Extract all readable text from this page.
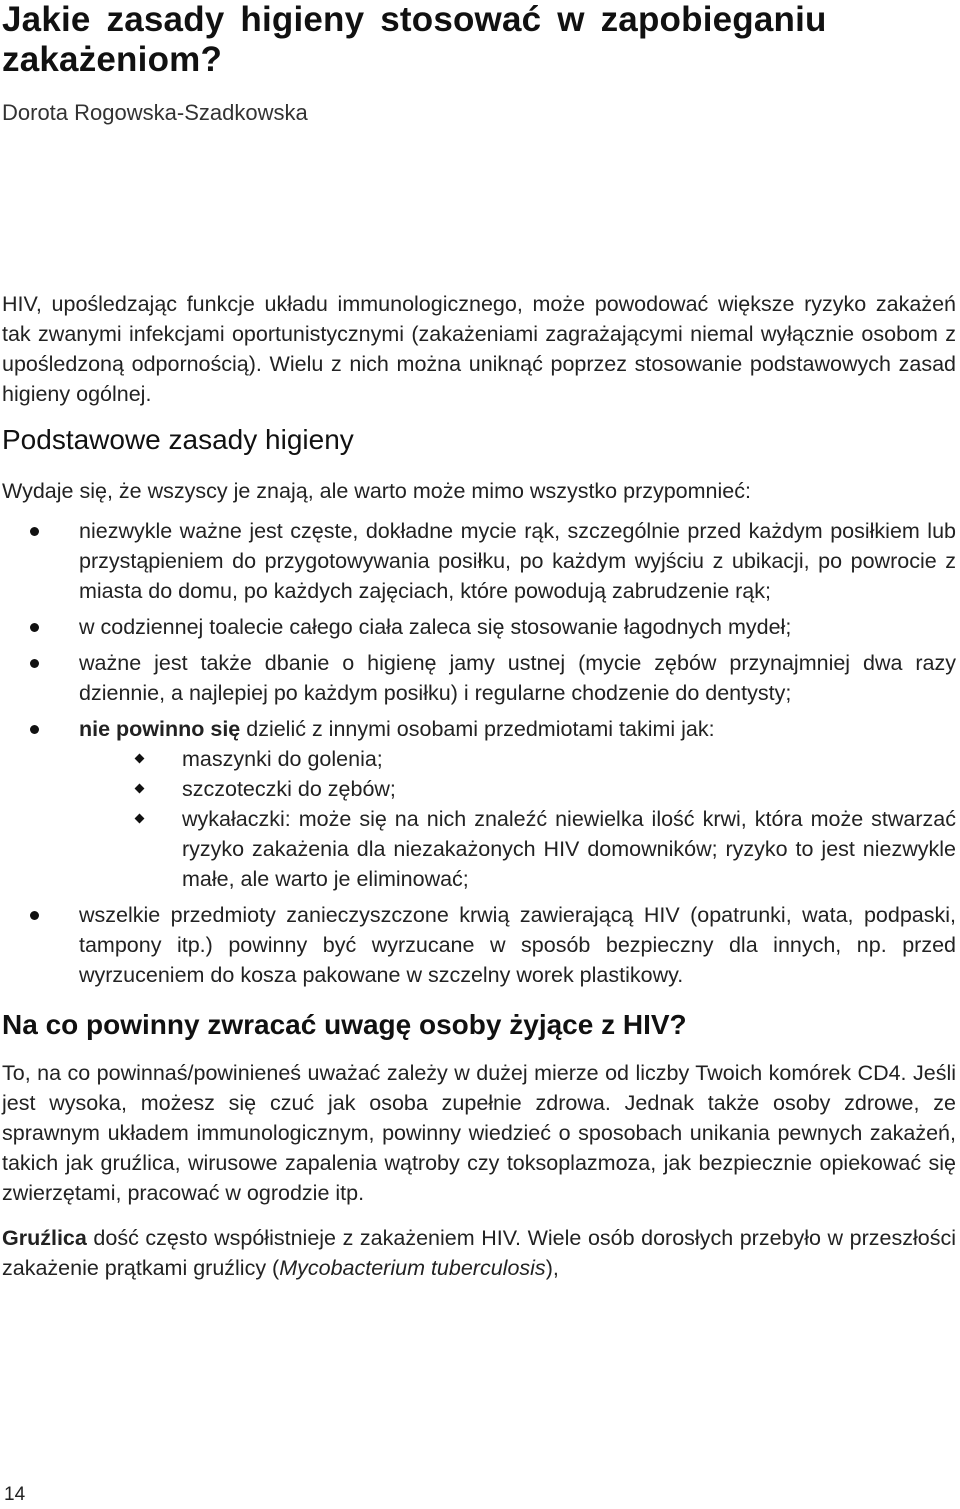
Jakie zasady higieny stosować w zapobieganiu zakażeniom?
Dorota Rogowska-Szadkowska

HIV, upośledzając funkcje układu immunologicznego, może powodować większe ryzyko zakażeń tak zwanymi infekcjami oportunistycznymi (zakażeniami zagrażającymi niemal wyłącznie osobom z upośledzoną odpornością). Wielu z nich można uniknąć poprzez stosowanie podstawowych zasad higieny ogólnej.

Podstawowe zasady higieny
Wydaje się, że wszyscy je znają, ale warto może mimo wszystko przypomnieć:
niezwykle ważne jest częste, dokładne mycie rąk, szczególnie przed każdym posiłkiem lub przystąpieniem do przygotowywania posiłku, po każdym wyjściu z ubikacji, po powrocie z miasta do domu, po każdych zajęciach, które powodują zabrudzenie rąk;
w codziennej toalecie całego ciała zaleca się stosowanie łagodnych mydeł;
ważne jest także dbanie o higienę jamy ustnej (mycie zębów przynajmniej dwa razy dziennie, a najlepiej po każdym posiłku) i regularne chodzenie do dentysty;
nie powinno się dzielić z innymi osobami przedmiotami takimi jak:
maszynki do golenia;
szczoteczki do zębów;
wykałaczki: może się na nich znaleźć niewielka ilość krwi, która może stwarzać ryzyko zakażenia dla niezakażonych HIV domowników; ryzyko to jest niezwykle małe, ale warto je eliminować;
wszelkie przedmioty zanieczyszczone krwią zawierającą HIV (opatrunki, wata, podpaski, tampony itp.) powinny być wyrzucane w sposób bezpieczny dla innych, np. przed wyrzuceniem do kosza pakowane w szczelny worek plastikowy.
Na co powinny zwracać uwagę osoby żyjące z HIV?

To, na co powinnaś/powinieneś uważać zależy w dużej mierze od liczby Twoich komórek CD4. Jeśli jest wysoka, możesz się czuć jak osoba zupełnie zdrowa. Jednak także osoby zdrowe, ze sprawnym układem immunologicznym, powinny wiedzieć o sposobach unikania pewnych zakażeń, takich jak gruźlica, wirusowe zapalenia wątroby czy toksoplazmoza, jak bezpiecznie opiekować się zwierzętami, pracować w ogrodzie itp.

Gruźlica dość często współistnieje z zakażeniem HIV. Wiele osób dorosłych przebyło w przeszłości zakażenie prątkami gruźlicy (Mycobacterium tuberculosis),

14
